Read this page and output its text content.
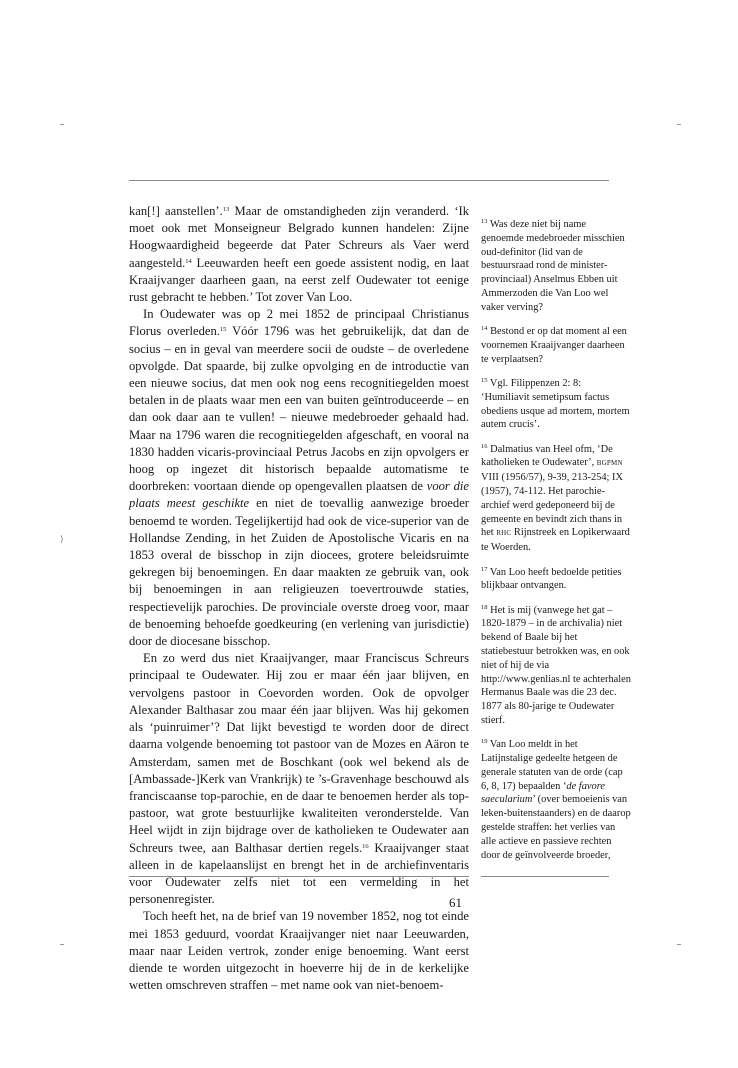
⟩

kan[!] aanstellen’.$^{13}$ Maar de omstandigheden zijn veranderd. ‘Ik moet ook met Monseigneur Belgrado kunnen handelen: Zijne Hoogwaardigheid begeerde dat Pater Schreurs als Vaer werd aangesteld.$^{14}$ Leeuwarden heeft een goede assistent nodig, en laat Kraaijvanger daarheen gaan, na eerst zelf Oudewater tot eenige rust gebracht te hebben.’ Tot zover Van Loo.

In Oudewater was op 2 mei 1852 de principaal Christianus Florus overleden.$^{15}$ Vóór 1796 was het gebruikelijk, dat dan de socius – en in geval van meerdere socii de oudste – de overledene opvolgde. Dat spaarde, bij zulke opvolging en de introductie van een nieuwe socius, dat men ook nog eens recognitiegelden moest betalen in de plaats waar men een van buiten geïntroduceerde – en dan ook daar aan te vullen! – nieuwe medebroeder gehaald had. Maar na 1796 waren die recognitiegelden afgeschaft, en vooral na 1830 hadden vicaris-provinciaal Petrus Jacobs en zijn opvolgers er hoog op ingezet dit historisch bepaalde automatisme te doorbreken: voortaan diende op opengevallen plaatsen de voor die plaats meest geschikte en niet de toevallig aanwezige broeder benoemd te worden. Tegelijkertijd had ook de vice-superior van de Hollandse Zending, in het Zuiden de Apostolische Vicaris en na 1853 overal de bisschop in zijn diocees, grotere beleidsruimte gekregen bij benoemingen. En daar maakten ze gebruik van, ook bij benoemingen in aan religieuzen toevertrouwde staties, respectievelijk parochies. De provinciale overste droeg voor, maar de benoeming behoefde goedkeuring (en verlening van jurisdictie) door de diocesane bisschop.

En zo werd dus niet Kraaijvanger, maar Franciscus Schreurs principaal te Oudewater. Hij zou er maar één jaar blijven, en vervolgens pastoor in Coevorden worden. Ook de opvolger Alexander Balthasar zou maar één jaar blijven. Was hij gekomen als ‘puinruimer’? Dat lijkt bevestigd te worden door de direct daarna volgende benoeming tot pastoor van de Mozes en Aäron te Amsterdam, samen met de Boschkant (ook wel bekend als de [Ambassade-]Kerk van Vrankrijk) te ’s-Gravenhage beschouwd als franciscaanse top-parochie, en de daar te benoemen herder als top-pastoor, wat grote bestuurlijke kwaliteiten veronderstelde. Van Heel wijdt in zijn bijdrage over de katholieken te Oudewater aan Schreurs twee, aan Balthasar dertien regels.$^{16}$ Kraaijvanger staat alleen in de kapelaanslijst en brengt het in de archiefinventaris voor Oudewater zelfs niet tot een vermelding in het personenregister.

Toch heeft het, na de brief van 19 november 1852, nog tot einde mei 1853 geduurd, voordat Kraaijvanger niet naar Leeuwarden, maar naar Leiden vertrok, zonder enige benoeming. Want eerst diende te worden uitgezocht in hoeverre hij de in de kerkelijke wetten omschreven straffen – met name ook van niet-benoem-

$^{13}$ Was deze niet bij name genoemde medebroeder misschien oud-definitor (lid van de bestuursraad rond de minister-provinciaal) Anselmus Ebben uit Ammerzoden die Van Loo wel vaker verving?
$^{14}$ Bestond er op dat moment al een voornemen Kraaijvanger daarheen te verplaatsen?
$^{15}$ Vgl. Filippenzen 2: 8: ‘Humiliavit semetipsum factus obediens usque ad mortem, mortem autem crucis’.
$^{16}$ Dalmatius van Heel ofm, ‘De katholieken te Oudewater’, bgpmn VIII (1956/57), 9-39, 213-254; IX (1957), 74-112. Het parochie-archief werd gedeponeerd bij de gemeente en bevindt zich thans in het rhc Rijnstreek en Lopikerwaard te Woerden.
$^{17}$ Van Loo heeft bedoelde petities blijkbaar ontvangen.
$^{18}$ Het is mij (vanwege het gat – 1820-1879 – in de archivalia) niet bekend of Baale bij het statiebestuur betrokken was, en ook niet of hij de via http://www.genlias.nl te achterhalen Hermanus Baale was die 23 dec. 1877 als 80-jarige te Oudewater stierf.
$^{19}$ Van Loo meldt in het Latijnstalige gedeelte hetgeen de generale statuten van de orde (cap 6, 8, 17) bepaalden ‘de favore saecularium’ (over bemoeienis van leken-buitenstaanders) en de daarop gestelde straffen: het verlies van alle actieve en passieve rechten door de geïnvolveerde broeder,
61
